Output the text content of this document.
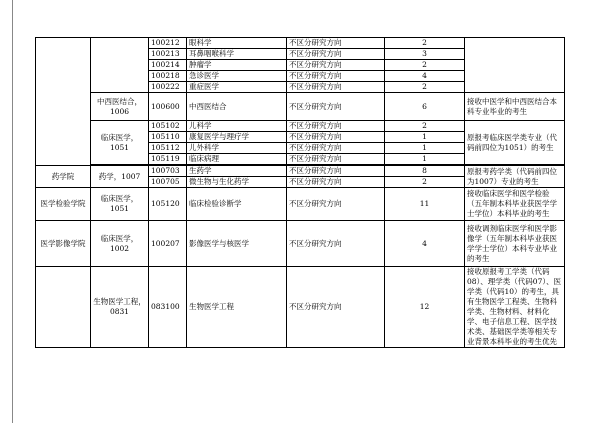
		100212	眼科学	不区分研究方向	2	
		100213	耳鼻咽喉科学	不区分研究方向	3	
		100214	肿瘤学	不区分研究方向	2	
		100218	急诊医学	不区分研究方向	4	
		100222	重症医学	不区分研究方向	2	
	中西医结合，1006	100600	中西医结合	不区分研究方向	6	接收中医学和中西医结合本科专业毕业的考生
	临床医学，1051	105102	儿科学	不区分研究方向	2	原报考临床医学类专业（代码前四位为1051）的考生
		105110	康复医学与理疗学	不区分研究方向	1	
		105112	儿外科学	不区分研究方向	1	
		105119	临床病理	不区分研究方向	1	

药学院	药学，1007	100703	生药学	不区分研究方向	8	原报考药学类（代码前四位为1007）专业的考生
		100705	微生物与生化药学	不区分研究方向	2	
医学检验学院	临床医学，1051	105120	临床检验诊断学	不区分研究方向	11	接收临床医学和医学检验（五年制本科毕业获医学学士学位）本科毕业的考生
医学影像学院	临床医学，1002	100207	影像医学与核医学	不区分研究方向	4	接收调剂临床医学和医学影像学（五年制本科毕业获医学学士学位）本科专业毕业的考生
	生物医学工程，0831	083100	生物医学工程	不区分研究方向	12	接收原报考工学类（代码08）、理学类（代码07）、医学类（代码10）的考生，具有生物医学工程类、生物科学类、生物材料、材料化学、电子信息工程、医学技术类、基础医学类等相关专业背景本科毕业的考生优先
